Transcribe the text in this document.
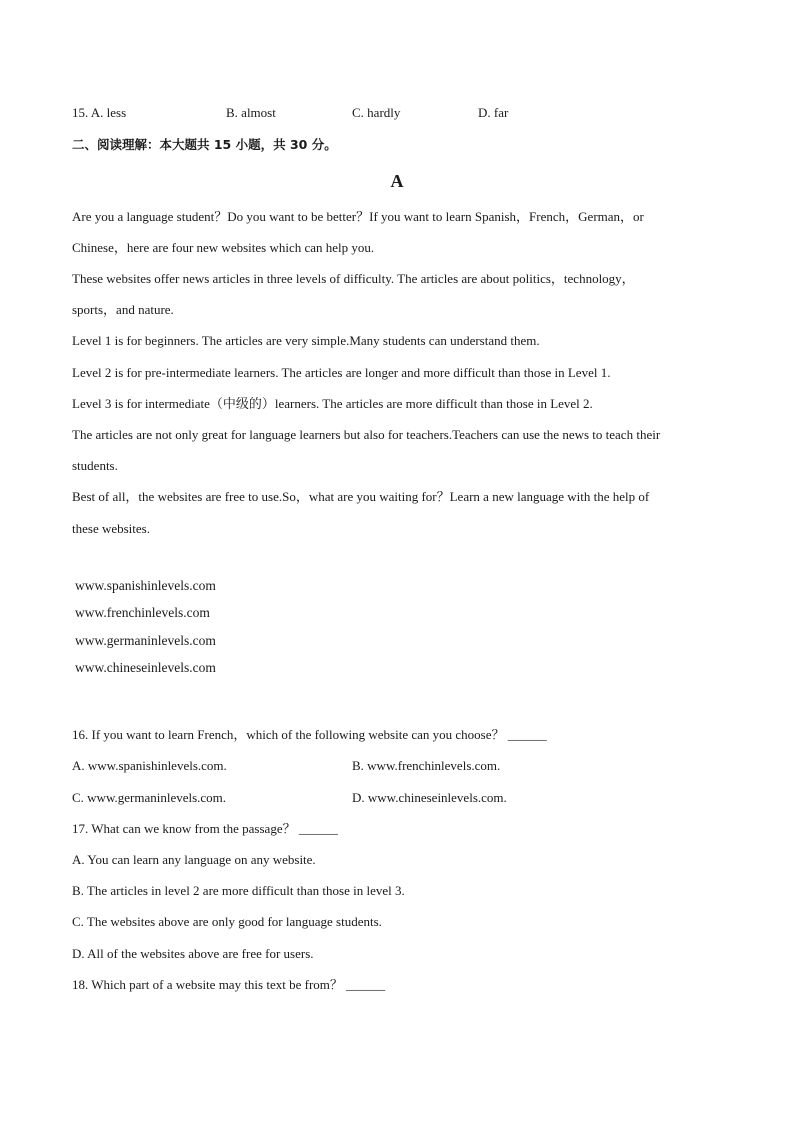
15. A. less	B. almost	C. hardly	D. far
二、阅读理解：本大题共 15 小题，共 30 分。
A
Are you a language student？Do you want to be better？If you want to learn Spanish，French，German，or
Chinese，here are four new websites which can help you.
These websites offer news articles in three levels of difficulty. The articles are about politics，technology，
sports，and nature.
Level 1 is for beginners. The articles are very simple.Many students can understand them.
Level 2 is for pre-intermediate learners. The articles are longer and more difficult than those in Level 1.
Level 3 is for intermediate（中级的）learners. The articles are more difficult than those in Level 2.
The articles are not only great for language learners but also for teachers.Teachers can use the news to teach their
students.
Best of all，the websites are free to use.So，what are you waiting for？Learn a new language with the help of
these websites.
www.spanishinlevels.com
www.frenchinlevels.com
www.germaninlevels.com
www.chineseinlevels.com
16. If you want to learn French，which of the following website can you choose？ ______
A. www.spanishinlevels.com.	B. www.frenchinlevels.com.
C. www.germaninlevels.com.	D. www.chineseinlevels.com.
17. What can we know from the passage？ ______
A. You can learn any language on any website.
B. The articles in level 2 are more difficult than those in level 3.
C. The websites above are only good for language students.
D. All of the websites above are free for users.
18. Which part of a website may this text be from？ ______
